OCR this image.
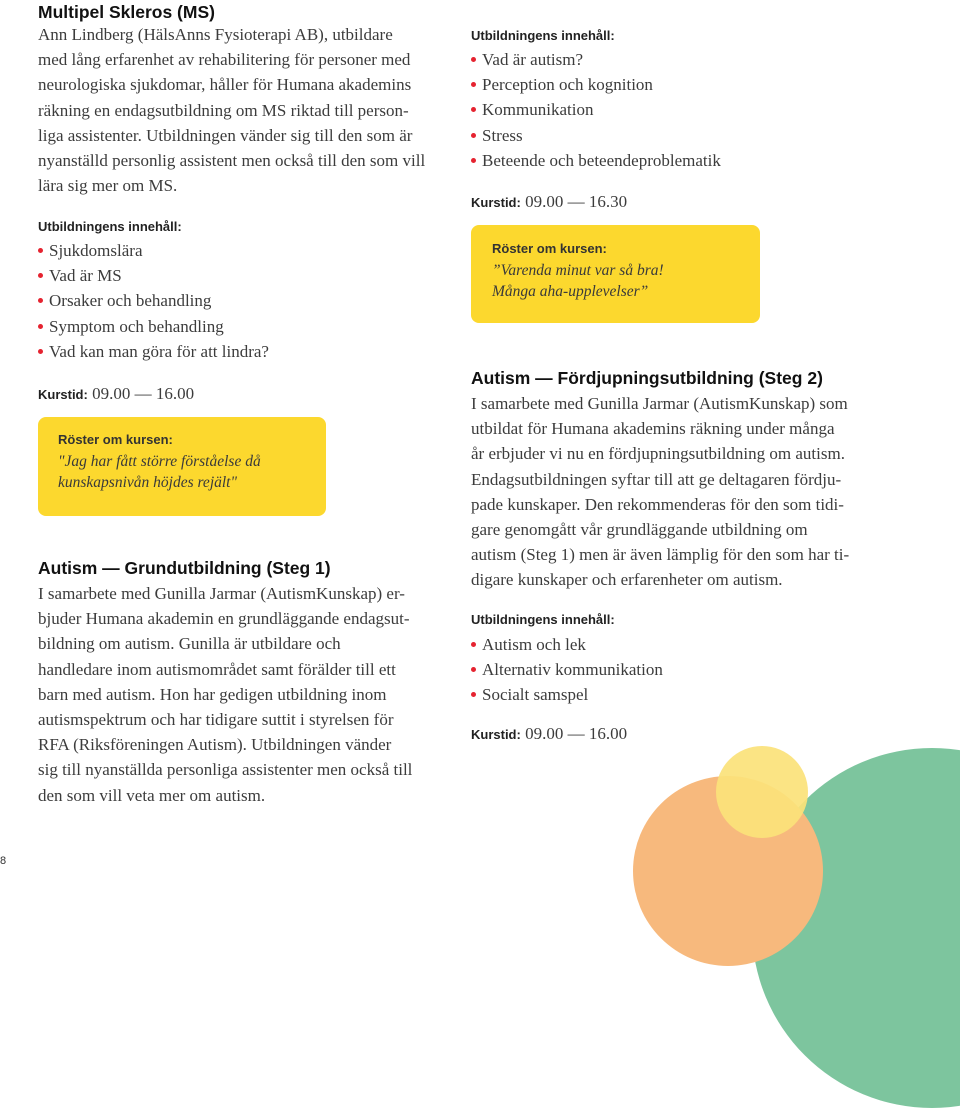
Multipel Skleros (MS)
Ann Lindberg (HälsAnns Fysioterapi AB), utbildare
med lång erfarenhet av rehabilitering för personer med
neurologiska sjukdomar, håller för Humana akademins
räkning en endagsutbildning om MS riktad till person-
liga assistenter. Utbildningen vänder sig till den som är
nyanställd personlig assistent men också till den som vill
lära sig mer om MS.
Utbildningens innehåll:
Sjukdomslära
Vad är MS
Orsaker och behandling
Symptom och behandling
Vad kan man göra för att lindra?
Kurstid: 09.00 — 16.00
Autism — Grundutbildning (Steg 1)
I samarbete med Gunilla Jarmar (AutismKunskap) er-
bjuder Humana akademin en grundläggande endagsut-
bildning om autism. Gunilla är utbildare och
handledare inom autismområdet samt förälder till ett
barn med autism. Hon har gedigen utbildning inom
autismspektrum och har tidigare suttit i styrelsen för
RFA (Riksföreningen Autism). Utbildningen vänder
sig till nyanställda personliga assistenter men också till
den som vill veta mer om autism.
Röster om kursen:
"Jag har fått större förståelse då
kunskapsnivån höjdes rejält"
Utbildningens innehåll:
Vad är autism?
Perception och kognition
Kommunikation
Stress
Beteende och beteendeproblematik
Kurstid: 09.00 — 16.30
Autism — Fördjupningsutbildning (Steg 2)
I samarbete med Gunilla Jarmar (AutismKunskap) som
utbildat för Humana akademins räkning under många
år erbjuder vi nu en fördjupningsutbildning om autism.
Endagsutbildningen syftar till att ge deltagaren fördju-
pade kunskaper. Den rekommenderas för den som tidi-
gare genomgått vår grundläggande utbildning om
autism (Steg 1) men är även lämplig för den som har ti-
digare kunskaper och erfarenheter om autism.
Utbildningens innehåll:
Autism och lek
Alternativ kommunikation
Socialt samspel
Kurstid: 09.00 — 16.00
Röster om kursen:
”Varenda minut var så bra!
Många aha-upplevelser”
8
